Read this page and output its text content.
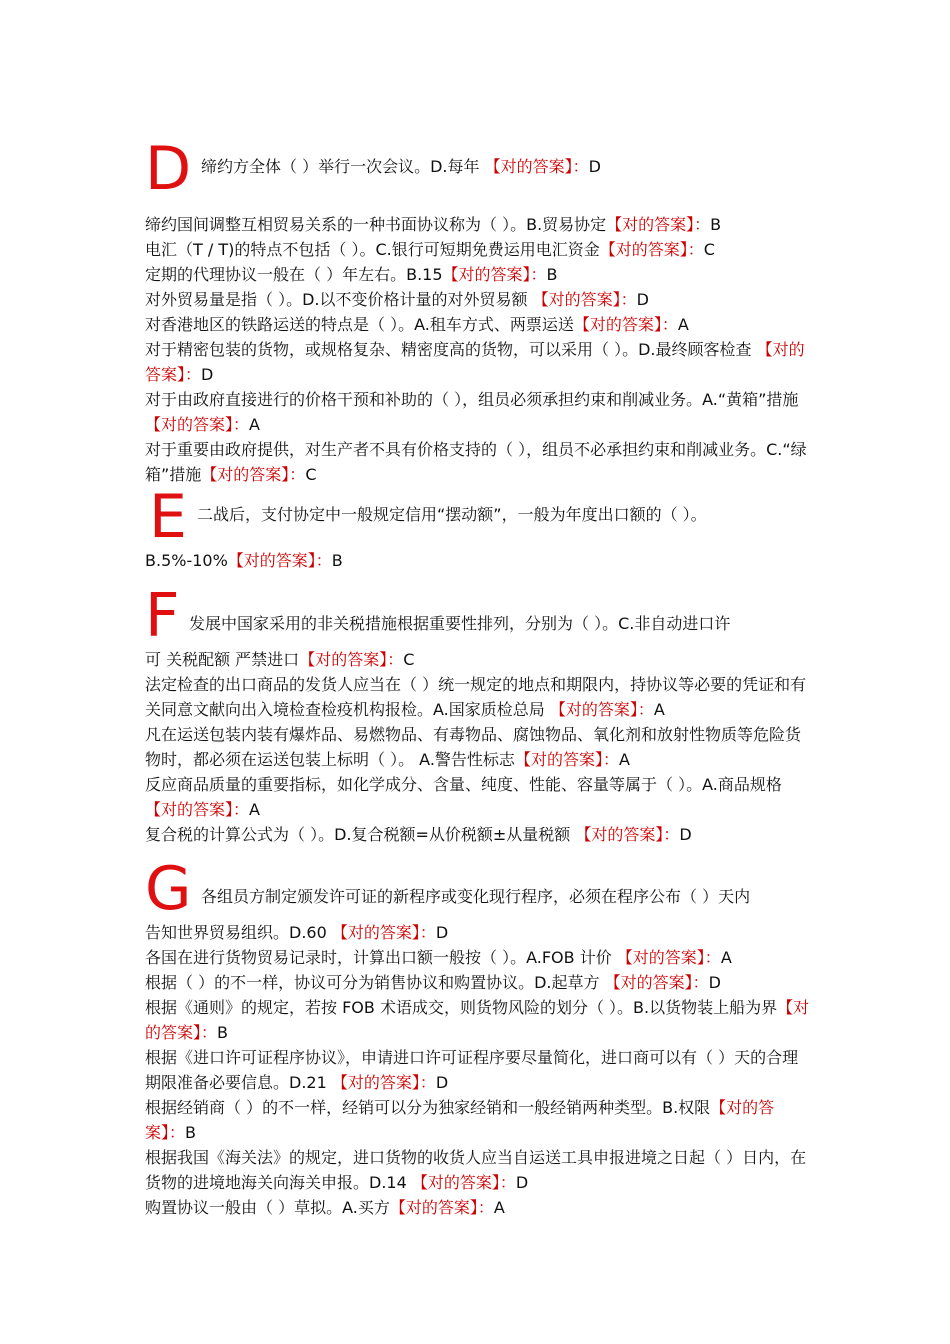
D 缔约方全体（ ）举行一次会议。D.每年 【对的答案】：D

缔约国间调整互相贸易关系的一种书面协议称为（ ）。B.贸易协定【对的答案】：B

电汇（T / T)的特点不包括（ ）。C.银行可短期免费运用电汇资金【对的答案】：C

定期的代理协议一般在（ ）年左右。B.15【对的答案】：B

对外贸易量是指（ ）。D.以不变价格计量的对外贸易额 【对的答案】：D

对香港地区的铁路运送的特点是（ ）。A.租车方式、两票运送【对的答案】：A

对于精密包装的货物，或规格复杂、精密度高的货物，可以采用（ ）。D.最终顾客检查 【对的答案】：D

对于由政府直接进行的价格干预和补助的（ ），组员必须承担约束和削减业务。A.“黄箱”措施【对的答案】：A

对于重要由政府提供，对生产者不具有价格支持的（ ），组员不必承担约束和削减业务。C.“绿箱”措施【对的答案】：C

E 二战后，支付协定中一般规定信用“摆动额”，一般为年度出口额的（ ）。

B.5%-10%【对的答案】：B

F 发展中国家采用的非关税措施根据重要性排列，分别为（ ）。C.非自动进口许

可 关税配额 严禁进口【对的答案】：C

法定检查的出口商品的发货人应当在（ ）统一规定的地点和期限内，持协议等必要的凭证和有关同意文献向出入境检查检疫机构报检。A.国家质检总局 【对的答案】：A

凡在运送包装内装有爆炸品、易燃物品、有毒物品、腐蚀物品、氧化剂和放射性物质等危险货物时，都必须在运送包装上标明（ ）。 A.警告性标志【对的答案】：A

反应商品质量的重要指标，如化学成分、含量、纯度、性能、容量等属于（ ）。A.商品规格 【对的答案】：A

复合税的计算公式为（ ）。D.复合税额=从价税额±从量税额 【对的答案】：D

G 各组员方制定颁发许可证的新程序或变化现行程序，必须在程序公布（ ）天内

告知世界贸易组织。D.60 【对的答案】：D

各国在进行货物贸易记录时，计算出口额一般按（ ）。A.FOB 计价 【对的答案】：A

根据（ ）的不一样，协议可分为销售协议和购置协议。D.起草方 【对的答案】：D

根据《通则》的规定，若按 FOB 术语成交，则货物风险的划分（ ）。B.以货物装上船为界【对的答案】：B

根据《进口许可证程序协议》，申请进口许可证程序要尽量简化，进口商可以有（ ）天的合理期限准备必要信息。D.21 【对的答案】：D

根据经销商（ ）的不一样，经销可以分为独家经销和一般经销两种类型。B.权限【对的答案】：B

根据我国《海关法》的规定，进口货物的收货人应当自运送工具申报进境之日起（ ）日内，在货物的进境地海关向海关申报。D.14 【对的答案】：D

购置协议一般由（ ）草拟。A.买方【对的答案】：A
